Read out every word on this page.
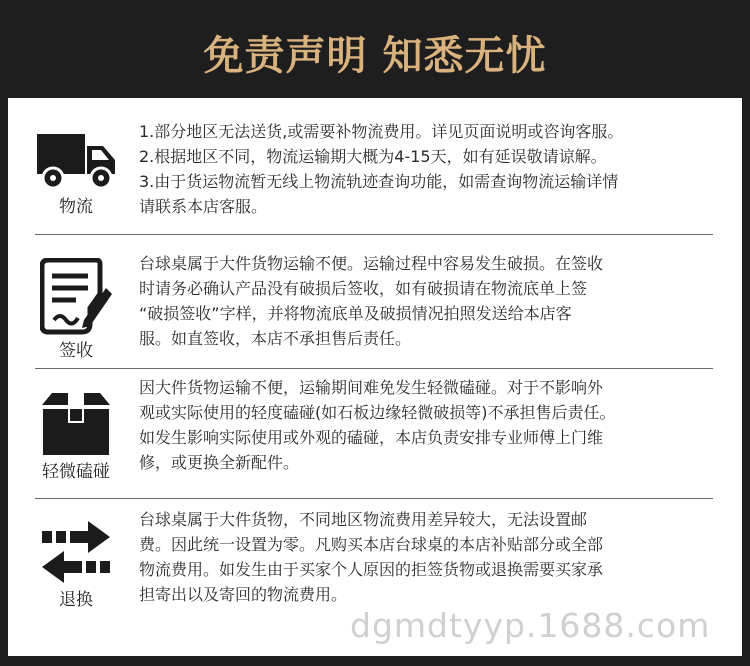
免责声明 知悉无忧
物流
1.部分地区无法送货,或需要补物流费用。详见页面说明或咨询客服。
2.根据地区不同，物流运输期大概为4-15天，如有延误敬请谅解。
3.由于货运物流暂无线上物流轨迹查询功能，如需查询物流运输详情
请联系本店客服。
签收
台球桌属于大件货物运输不便。运输过程中容易发生破损。在签收
时请务必确认产品没有破损后签收，如有破损请在物流底单上签
“破损签收”字样，并将物流底单及破损情况拍照发送给本店客
服。如直签收，本店不承担售后责任。
轻微磕碰
因大件货物运输不便，运输期间难免发生轻微磕碰。对于不影响外
观或实际使用的轻度磕碰(如石板边缘轻微破损等)不承担售后责任。
如发生影响实际使用或外观的磕碰，本店负责安排专业师傅上门维
修，或更换全新配件。
退换
台球桌属于大件货物，不同地区物流费用差异较大，无法设置邮
费。因此统一设置为零。凡购买本店台球桌的本店补贴部分或全部
物流费用。如发生由于买家个人原因的拒签货物或退换需要买家承
担寄出以及寄回的物流费用。
dgmdtyyp.1688.com
